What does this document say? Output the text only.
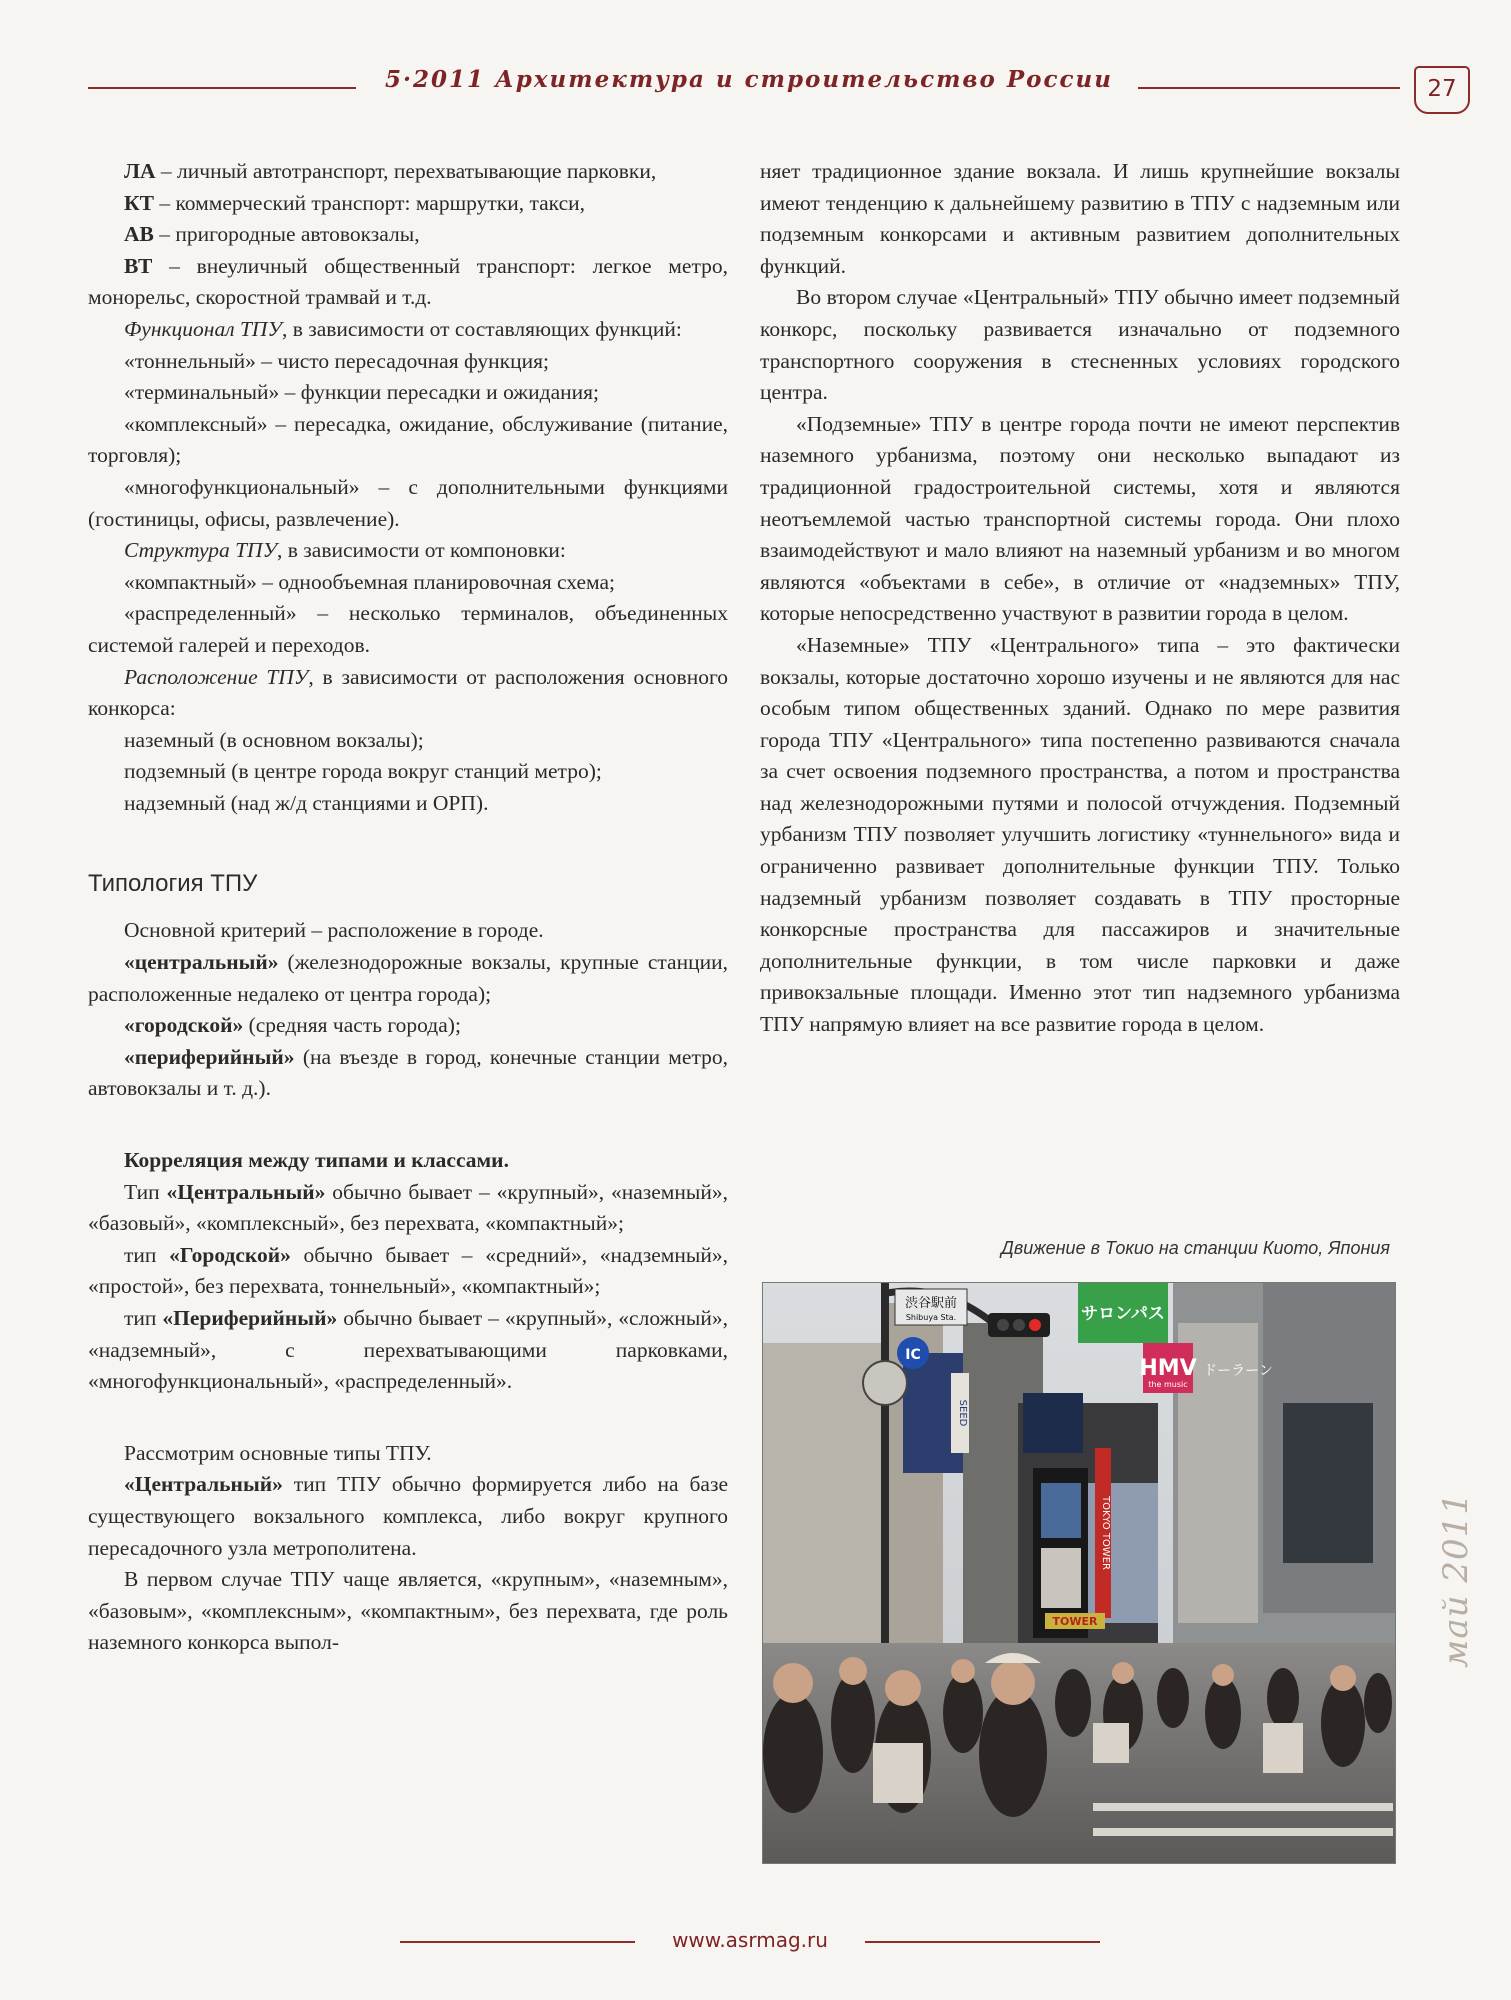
5·2011 Архитектура и строительство России	27

ЛА – личный автотранспорт, перехватывающие парковки,

КТ – коммерческий транспорт: маршрутки, такси,

АВ – пригородные автовокзалы,

ВТ – внеуличный общественный транспорт: легкое метро, монорельс, скоростной трамвай и т.д.

Функционал ТПУ, в зависимости от составляющих функций:

«тоннельный» – чисто пересадочная функция;

«терминальный» – функции пересадки и ожидания;

«комплексный» – пересадка, ожидание, обслуживание (питание, торговля);

«многофункциональный» – с дополнительными функциями (гостиницы, офисы, развлечение).

Структура ТПУ, в зависимости от компоновки:

«компактный» – однообъемная планировочная схема;

«распределенный» – несколько терминалов, объединенных системой галерей и переходов.

Расположение ТПУ, в зависимости от расположения основного конкорса:

наземный (в основном вокзалы);

подземный (в центре города вокруг станций метро);

надземный (над ж/д станциями и ОРП).

Типология ТПУ

Основной критерий – расположение в городе.

«центральный» (железнодорожные вокзалы, крупные станции, расположенные недалеко от центра города);

«городской» (средняя часть города);

«периферийный» (на въезде в город, конечные станции метро, автовокзалы и т. д.).

Корреляция между типами и классами.

Тип «Центральный» обычно бывает – «крупный», «наземный», «базовый», «комплексный», без перехвата, «компактный»;

тип «Городской» обычно бывает – «средний», «надземный», «простой», без перехвата, тоннельный», «компактный»;

тип «Периферийный» обычно бывает – «крупный», «сложный», «надземный», с перехватывающими парковками, «многофункциональный», «распределенный».

Рассмотрим основные типы ТПУ.

«Центральный» тип ТПУ обычно формируется либо на базе существующего вокзального комплекса, либо вокруг крупного пересадочного узла метрополитена.

В первом случае ТПУ чаще является, «крупным», «наземным», «базовым», «комплексным», «компактным», без перехвата, где роль наземного конкорса выпол-

няет традиционное здание вокзала. И лишь крупнейшие вокзалы имеют тенденцию к дальнейшему развитию в ТПУ с надземным или подземным конкорсами и активным развитием дополнительных функций.

Во втором случае «Центральный» ТПУ обычно имеет подземный конкорс, поскольку развивается изначально от подземного транспортного сооружения в стесненных условиях городского центра.

«Подземные» ТПУ в центре города почти не имеют перспектив наземного урбанизма, поэтому они несколько выпадают из традиционной градостроительной системы, хотя и являются неотъемлемой частью транспортной системы города. Они плохо взаимодействуют и мало влияют на наземный урбанизм и во многом являются «объектами в себе», в отличие от «надземных» ТПУ, которые непосредственно участвуют в развитии города в целом.

«Наземные» ТПУ «Центрального» типа – это фактически вокзалы, которые достаточно хорошо изучены и не являются для нас особым типом общественных зданий. Однако по мере развития города ТПУ «Центрального» типа постепенно развиваются сначала за счет освоения подземного пространства, а потом и пространства над железнодорожными путями и полосой отчуждения. Подземный урбанизм ТПУ позволяет улучшить логистику «туннельного» вида и ограниченно развивает дополнительные функции ТПУ. Только надземный урбанизм позволяет создавать в ТПУ просторные конкорсные пространства для пассажиров и значительные дополнительные функции, в том числе парковки и даже привокзальные площади. Именно этот тип надземного урбанизма ТПУ напрямую влияет на все развитие города в целом.

Движение в Токио на станции Киото, Япония
サロンパス
TOKYO TOWER
TOWER
SEED
HMV
the music
ドーラーン
渋谷駅前
Shibuya Sta.
IC
май 2011
www.asrmag.ru
